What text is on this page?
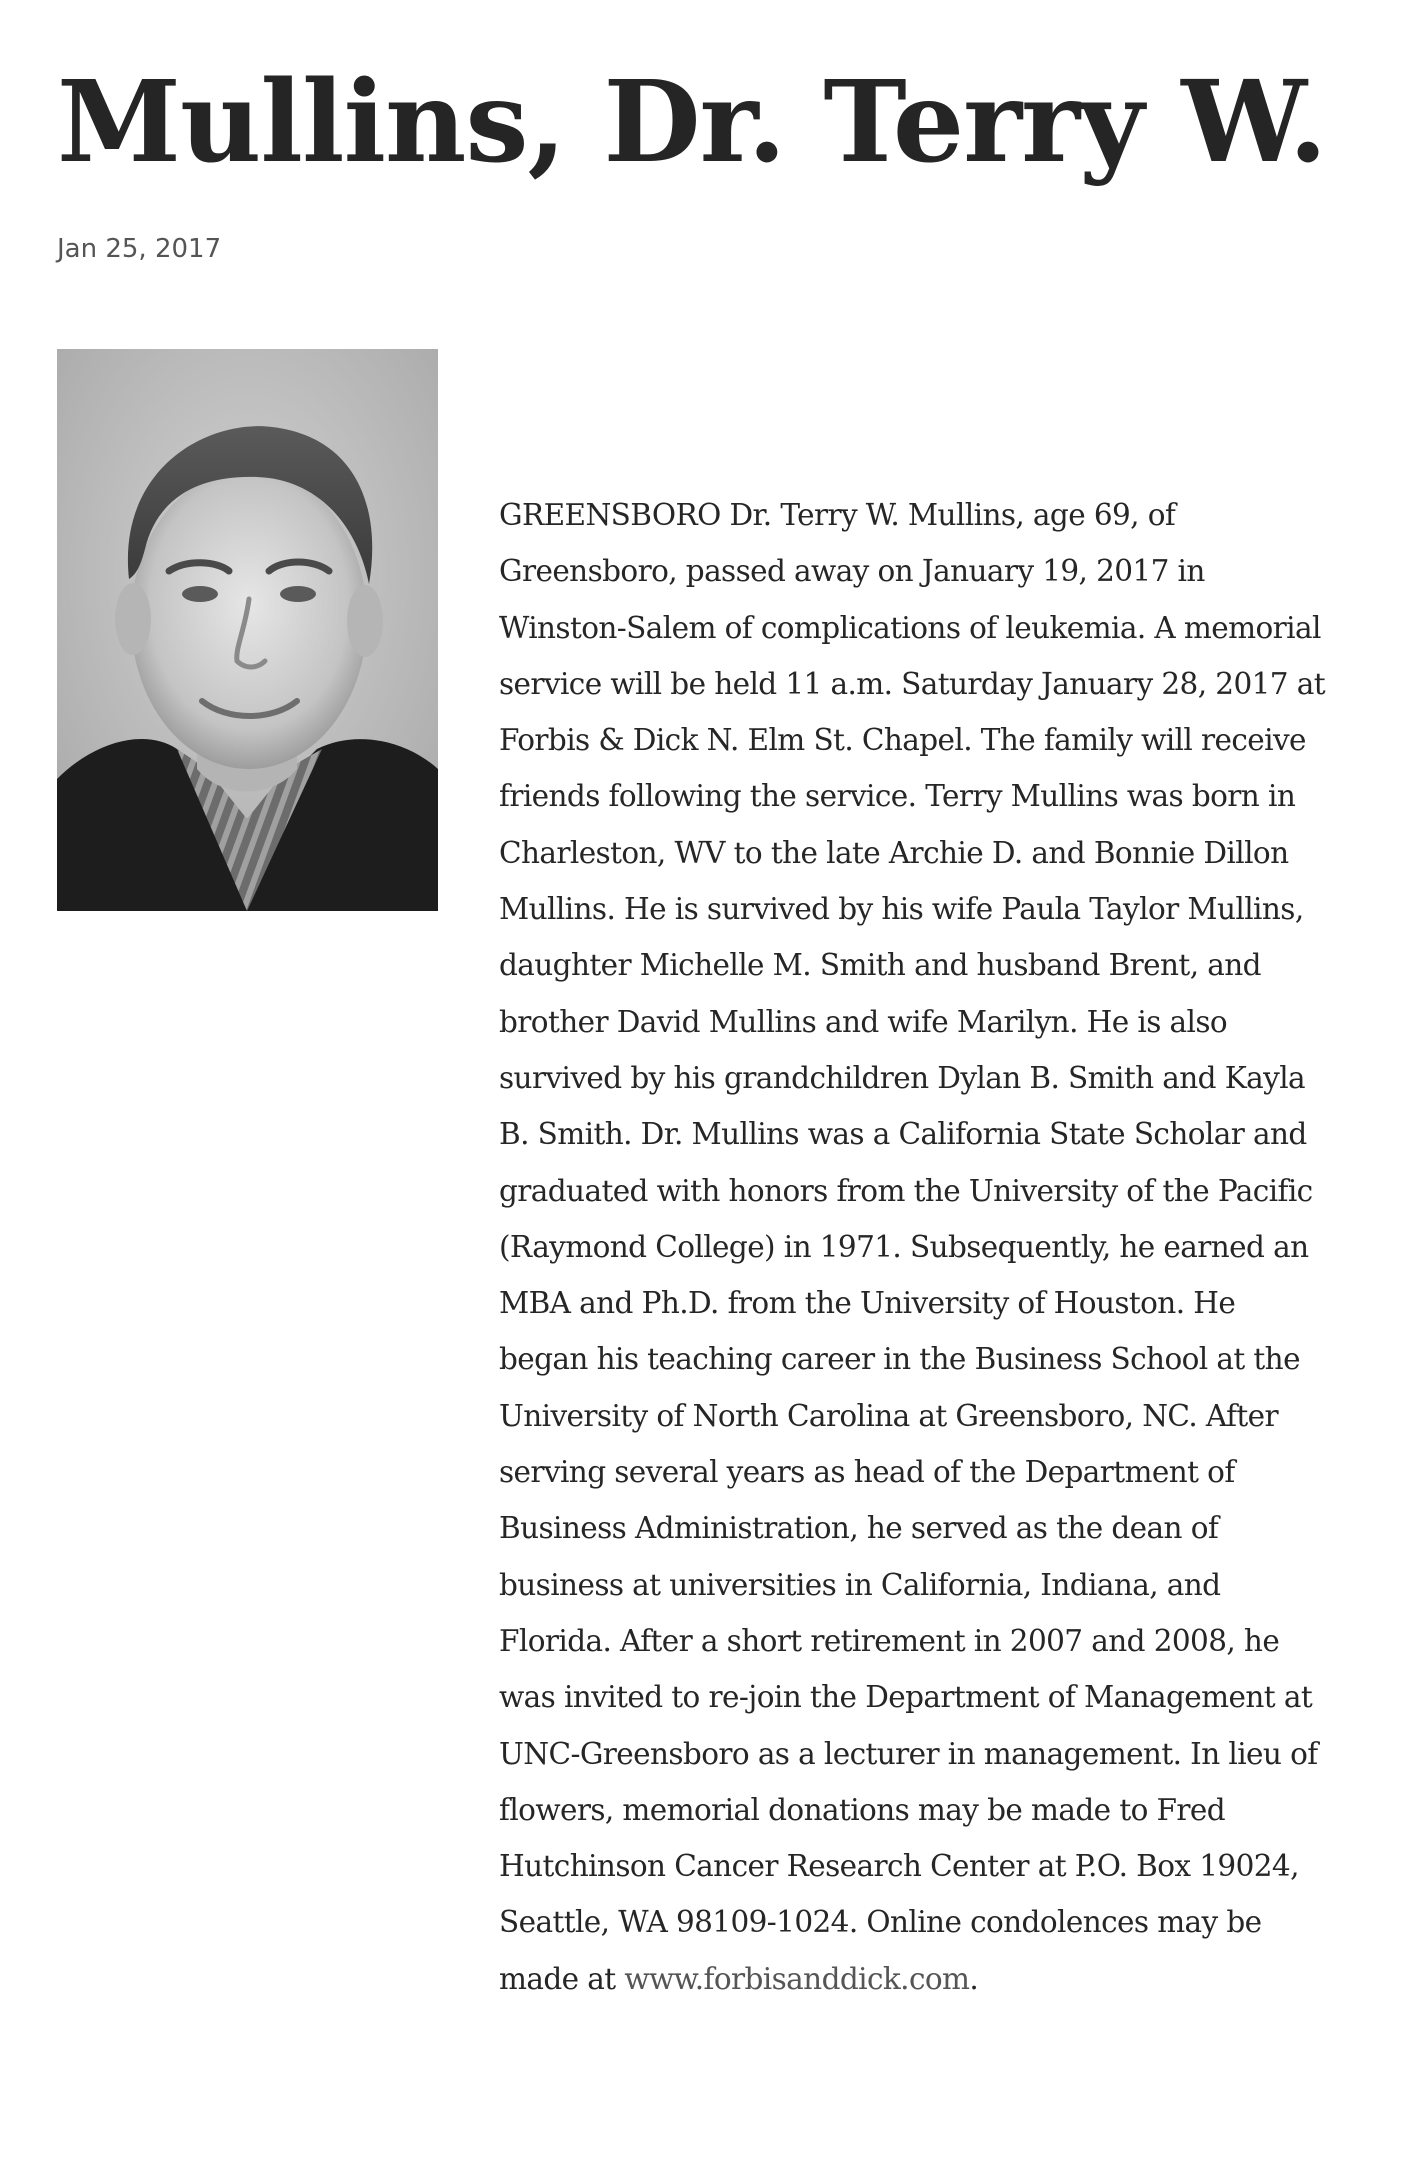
Mullins, Dr. Terry W.
Jan 25, 2017

GREENSBORO Dr. Terry W. Mullins, age 69, of Greensboro, passed away on January 19, 2017 in Winston-Salem of complications of leukemia. A memorial service will be held 11 a.m. Saturday January 28, 2017 at Forbis & Dick N. Elm St. Chapel. The family will receive friends following the service. Terry Mullins was born in Charleston, WV to the late Archie D. and Bonnie Dillon Mullins. He is survived by his wife Paula Taylor Mullins, daughter Michelle M. Smith and husband Brent, and brother David Mullins and wife Marilyn. He is also survived by his grandchildren Dylan B. Smith and Kayla B. Smith. Dr. Mullins was a California State Scholar and graduated with honors from the University of the Pacific (Raymond College) in 1971. Subsequently, he earned an MBA and Ph.D. from the University of Houston. He began his teaching career in the Business School at the University of North Carolina at Greensboro, NC. After serving several years as head of the Department of Business Administration, he served as the dean of business at universities in California, Indiana, and Florida. After a short retirement in 2007 and 2008, he was invited to re-join the Department of Management at UNC-Greensboro as a lecturer in management. In lieu of flowers, memorial donations may be made to Fred Hutchinson Cancer Research Center at P.O. Box 19024, Seattle, WA 98109-1024. Online condolences may be made at www.forbisanddick.com.
